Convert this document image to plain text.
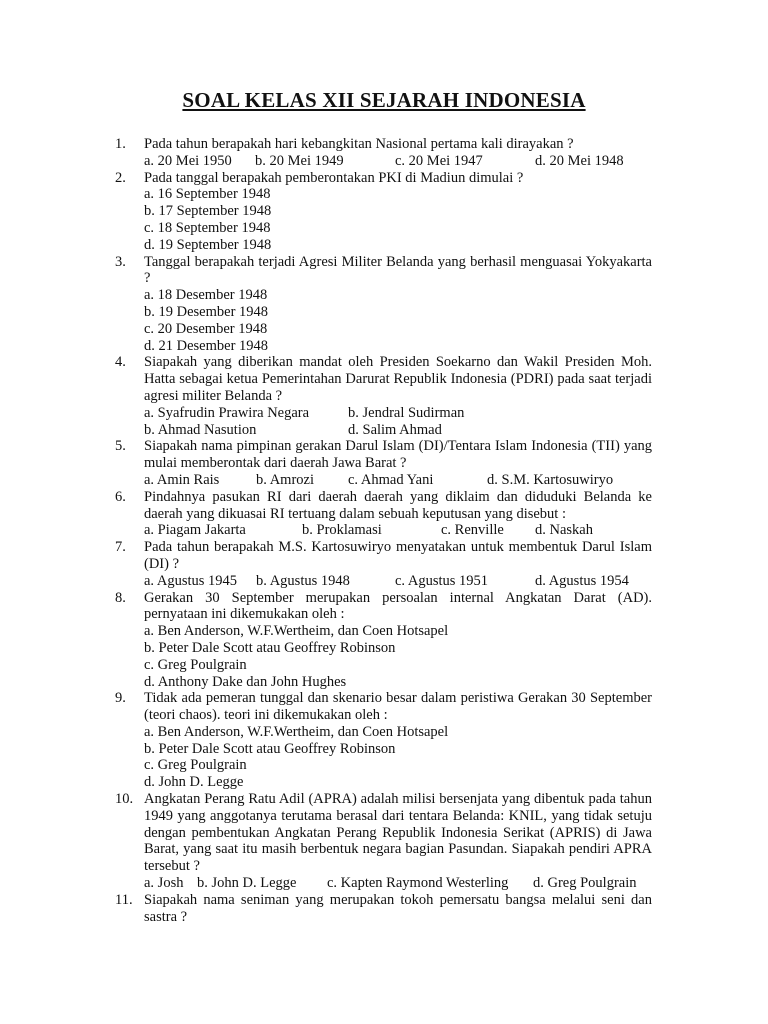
SOAL KELAS XII SEJARAH INDONESIA
1.	Pada tahun berapakah hari kebangkitan Nasional pertama kali dirayakan ?
a. 20 Mei 1950 b. 20 Mei 1949	c. 20 Mei 1947	d. 20 Mei 1948
2.	Pada tanggal berapakah pemberontakan PKI di Madiun dimulai ?
a. 16 September 1948
b. 17 September 1948
c. 18 September 1948
d. 19 September 1948
3.	Tanggal berapakah terjadi Agresi Militer Belanda yang berhasil menguasai Yokyakarta ?
a. 18 Desember 1948
b. 19 Desember 1948
c. 20 Desember 1948
d. 21 Desember 1948
4.	Siapakah yang diberikan mandat oleh Presiden Soekarno dan Wakil Presiden Moh. Hatta sebagai ketua Pemerintahan Darurat Republik Indonesia (PDRI) pada saat terjadi agresi militer Belanda ?
a. Syafrudin Prawira Negara	b. Jendral Sudirman
b. Ahmad Nasution	d. Salim Ahmad
5.	Siapakah nama pimpinan gerakan Darul Islam (DI)/Tentara Islam Indonesia (TII) yang mulai memberontak dari daerah Jawa Barat ?
a. Amin Rais	b. Amrozi c. Ahmad Yani	d. S.M. Kartosuwiryo
6.	Pindahnya pasukan RI dari daerah daerah yang diklaim dan diduduki Belanda ke daerah yang dikuasai RI tertuang dalam sebuah keputusan yang disebut :
a. Piagam Jakarta	b. Proklamasi	c. Renville d. Naskah
7.	Pada tahun berapakah M.S. Kartosuwiryo menyatakan untuk membentuk Darul Islam (DI) ?
a. Agustus 1945 b. Agustus 1948	c. Agustus 1951	d. Agustus 1954
8.	Gerakan 30 September merupakan persoalan internal Angkatan Darat (AD). pernyataan ini dikemukakan oleh :
a. Ben Anderson, W.F.Wertheim, dan Coen Hotsapel
b. Peter Dale Scott atau Geoffrey Robinson
c. Greg Poulgrain
d. Anthony Dake dan John Hughes
9.	Tidak ada pemeran tunggal dan skenario besar dalam peristiwa Gerakan 30 September (teori chaos). teori ini dikemukakan oleh :
a. Ben Anderson, W.F.Wertheim, dan Coen Hotsapel
b. Peter Dale Scott atau Geoffrey Robinson
c. Greg Poulgrain
d. John D. Legge
10. Angkatan Perang Ratu Adil (APRA) adalah milisi bersenjata yang dibentuk pada tahun 1949 yang anggotanya terutama berasal dari tentara Belanda: KNIL, yang tidak setuju dengan pembentukan Angkatan Perang Republik Indonesia Serikat (APRIS) di Jawa Barat, yang saat itu masih berbentuk negara bagian Pasundan. Siapakah pendiri APRA tersebut ?
a. Josh b. John D. Legge c. Kapten Raymond Westerling d. Greg Poulgrain
11. Siapakah nama seniman yang merupakan tokoh pemersatu bangsa melalui seni dan sastra ?
